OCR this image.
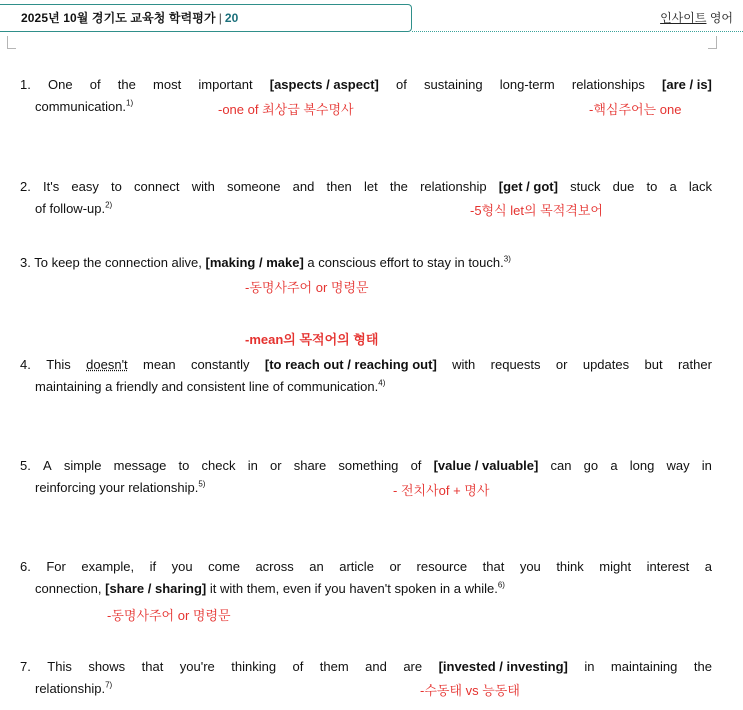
2025년 10월 경기도 교육청 학력평가 | 20	인사이트 영어
1. One of the most important [aspects / aspect] of sustaining long-term relationships [are / is]
communication.$^{1)}$	-one of 최상급 복수명사	-핵심주어는 one
2. It's easy to connect with someone and then let the relationship [get / got] stuck due to a lack
of follow-up.$^{2)}$	-5형식 let의 목적격보어
3. To keep the connection alive, [making / make] a conscious effort to stay in touch.$^{3)}$
-동명사주어 or 명령문
-mean의 목적어의 형태
4. This doesn't mean constantly [to reach out / reaching out] with requests or updates but rather
maintaining a friendly and consistent line of communication.$^{4)}$
5. A simple message to check in or share something of [value / valuable] can go a long way in
reinforcing your relationship.$^{5)}$	- 전치사of + 명사
6. For example, if you come across an article or resource that you think might interest a
connection, [share / sharing] it with them, even if you haven't spoken in a while.$^{6)}$
-동명사주어 or 명령문
7. This shows that you're thinking of them and are [invested / investing] in maintaining the
relationship.$^{7)}$	-수동태 vs 능동태
